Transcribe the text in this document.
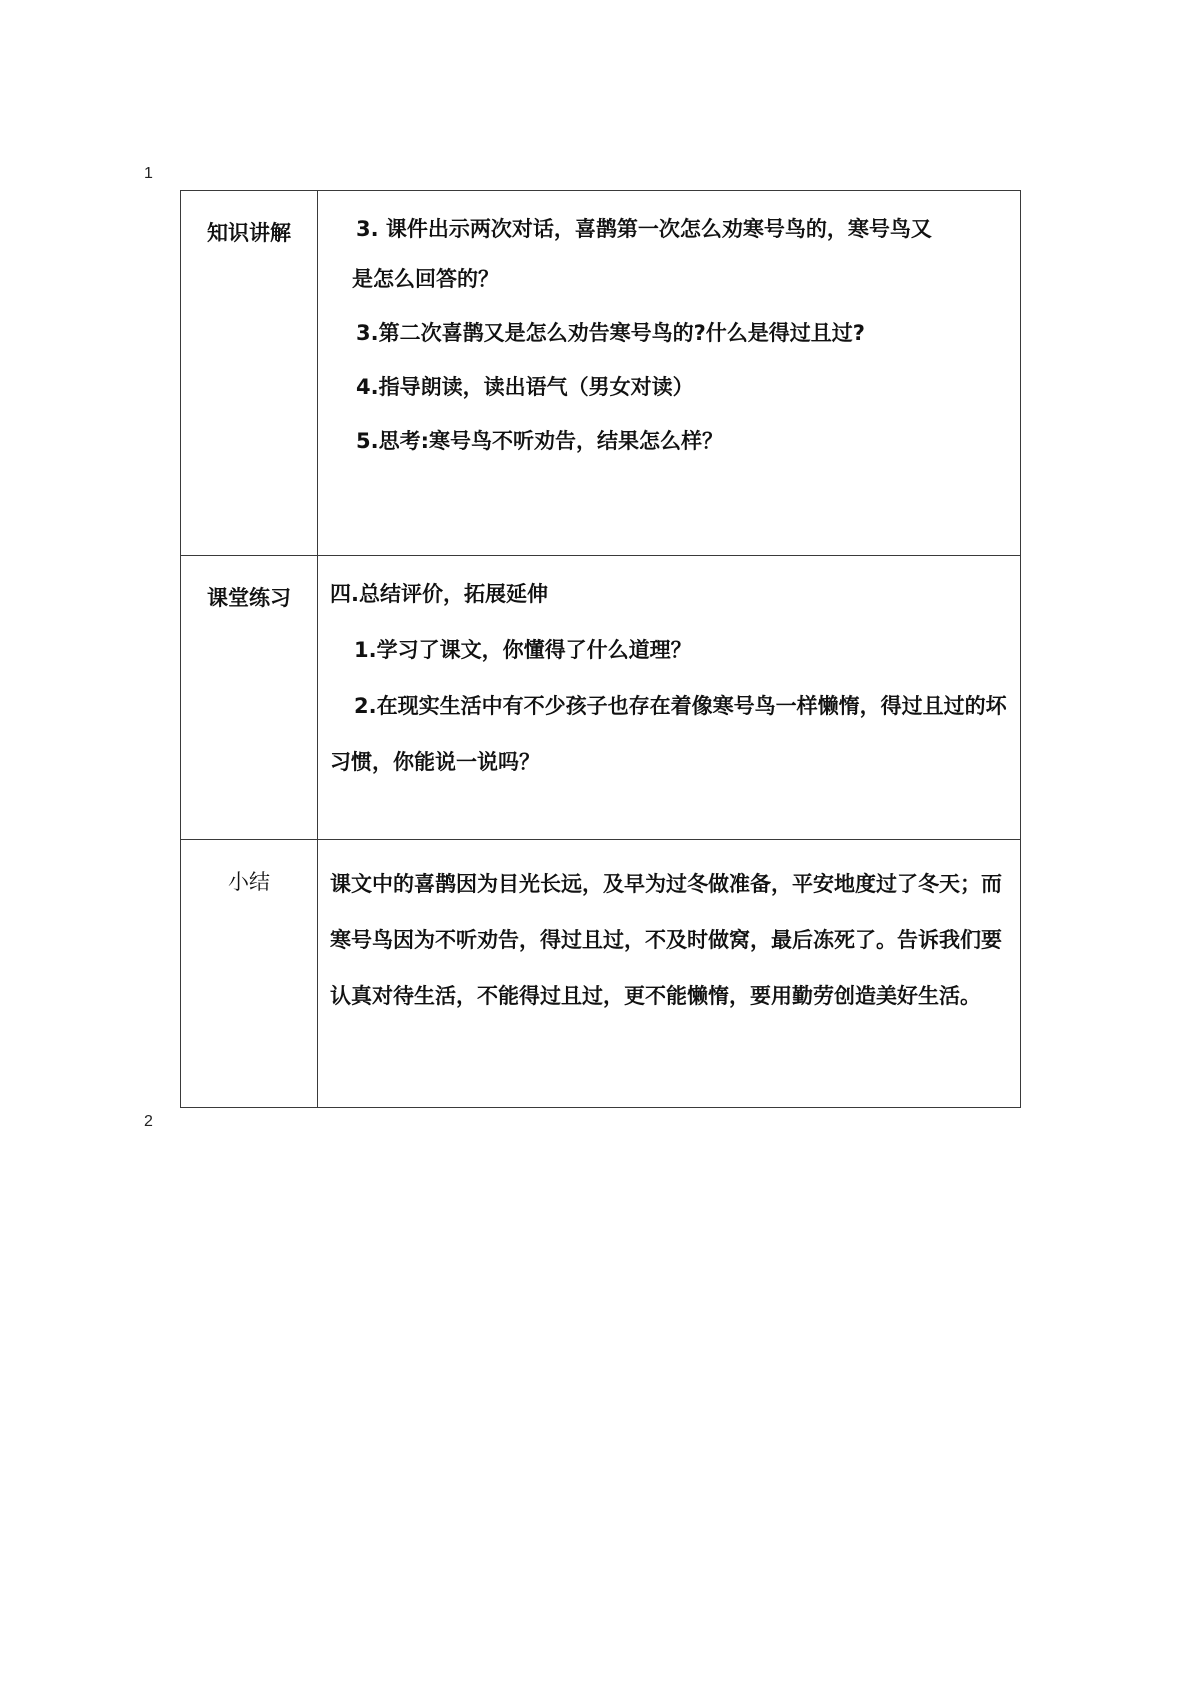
1
知识讲解	3. 课件出示两次对话，喜鹊第一次怎么劝寒号鸟的，寒号鸟又
是怎么回答的？
3.第二次喜鹊又是怎么劝告寒号鸟的?什么是得过且过?
4.指导朗读，读出语气（男女对读）
5.思考:寒号鸟不听劝告，结果怎么样？

课堂练习	四.总结评价，拓展延伸
1.学习了课文，你懂得了什么道理？
2.在现实生活中有不少孩子也存在着像寒号鸟一样懒惰，得过且过的坏习惯，你能说一说吗？

小结	课文中的喜鹊因为目光长远，及早为过冬做准备，平安地度过了冬天；而寒号鸟因为不听劝告，得过且过，不及时做窝，最后冻死了。告诉我们要认真对待生活，不能得过且过，更不能懒惰，要用勤劳创造美好生活。
2
